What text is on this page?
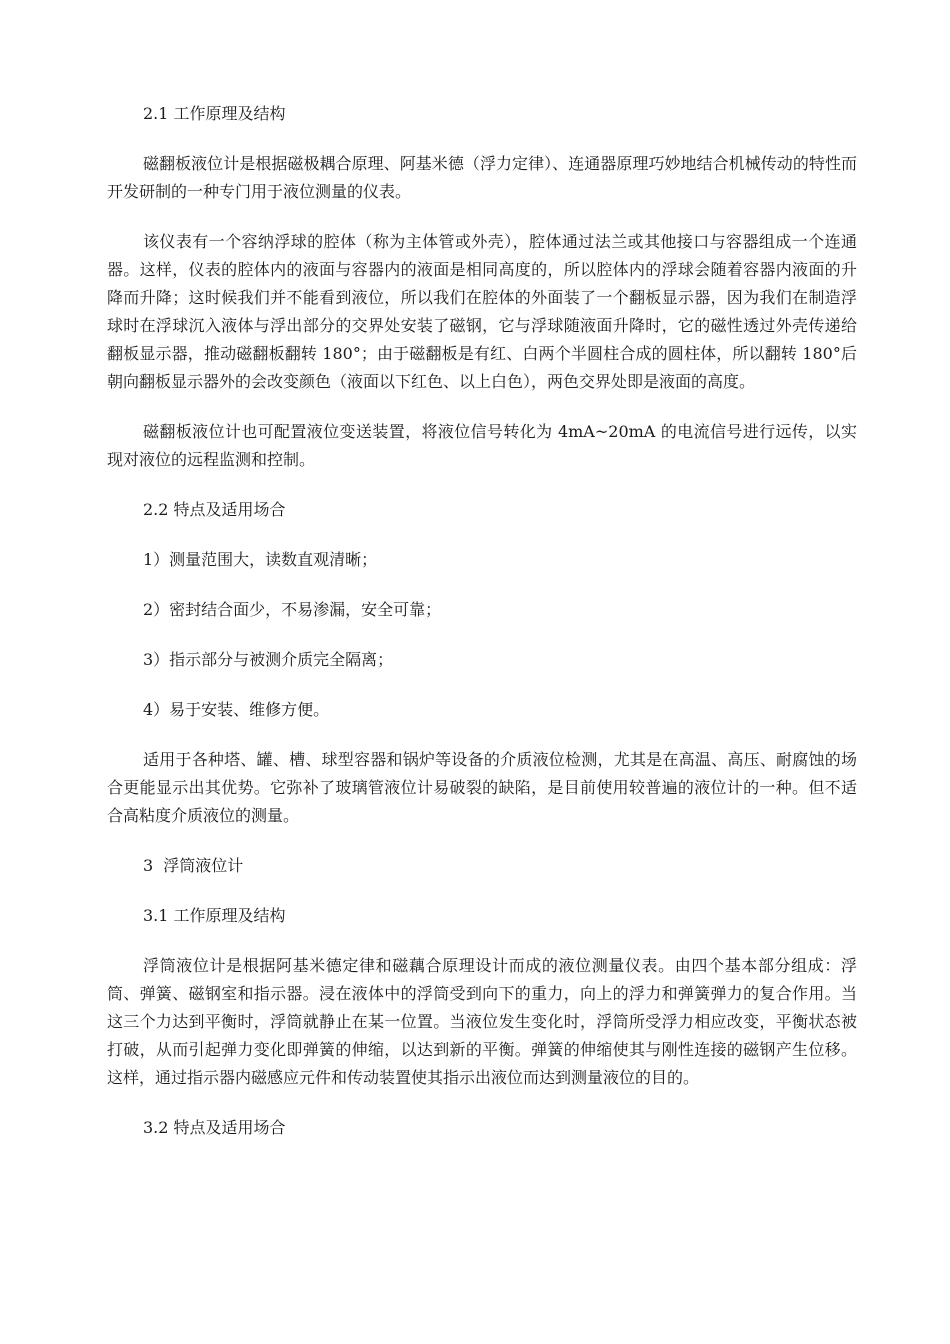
2.1 工作原理及结构

磁翻板液位计是根据磁极耦合原理、阿基米德（浮力定律）、连通器原理巧妙地结合机械传动的特性而开发研制的一种专门用于液位测量的仪表。

该仪表有一个容纳浮球的腔体（称为主体管或外壳），腔体通过法兰或其他接口与容器组成一个连通器。这样，仪表的腔体内的液面与容器内的液面是相同高度的，所以腔体内的浮球会随着容器内液面的升降而升降；这时候我们并不能看到液位，所以我们在腔体的外面装了一个翻板显示器，因为我们在制造浮球时在浮球沉入液体与浮出部分的交界处安装了磁钢，它与浮球随液面升降时，它的磁性透过外壳传递给翻板显示器，推动磁翻板翻转 180°；由于磁翻板是有红、白两个半圆柱合成的圆柱体，所以翻转 180°后朝向翻板显示器外的会改变颜色（液面以下红色、以上白色），两色交界处即是液面的高度。

磁翻板液位计也可配置液位变送装置，将液位信号转化为 4mA~20mA 的电流信号进行远传，以实现对液位的远程监测和控制。

2.2 特点及适用场合
1）测量范围大，读数直观清晰；
2）密封结合面少，不易渗漏，安全可靠；
3）指示部分与被测介质完全隔离；
4）易于安装、维修方便。

适用于各种塔、罐、槽、球型容器和锅炉等设备的介质液位检测，尤其是在高温、高压、耐腐蚀的场合更能显示出其优势。它弥补了玻璃管液位计易破裂的缺陷，是目前使用较普遍的液位计的一种。但不适合高粘度介质液位的测量。

3 浮筒液位计
3.1 工作原理及结构

浮筒液位计是根据阿基米德定律和磁藕合原理设计而成的液位测量仪表。由四个基本部分组成：浮筒、弹簧、磁钢室和指示器。浸在液体中的浮筒受到向下的重力，向上的浮力和弹簧弹力的复合作用。当这三个力达到平衡时，浮筒就静止在某一位置。当液位发生变化时，浮筒所受浮力相应改变，平衡状态被打破，从而引起弹力变化即弹簧的伸缩，以达到新的平衡。弹簧的伸缩使其与刚性连接的磁钢产生位移。这样，通过指示器内磁感应元件和传动装置使其指示出液位而达到测量液位的目的。

3.2 特点及适用场合
